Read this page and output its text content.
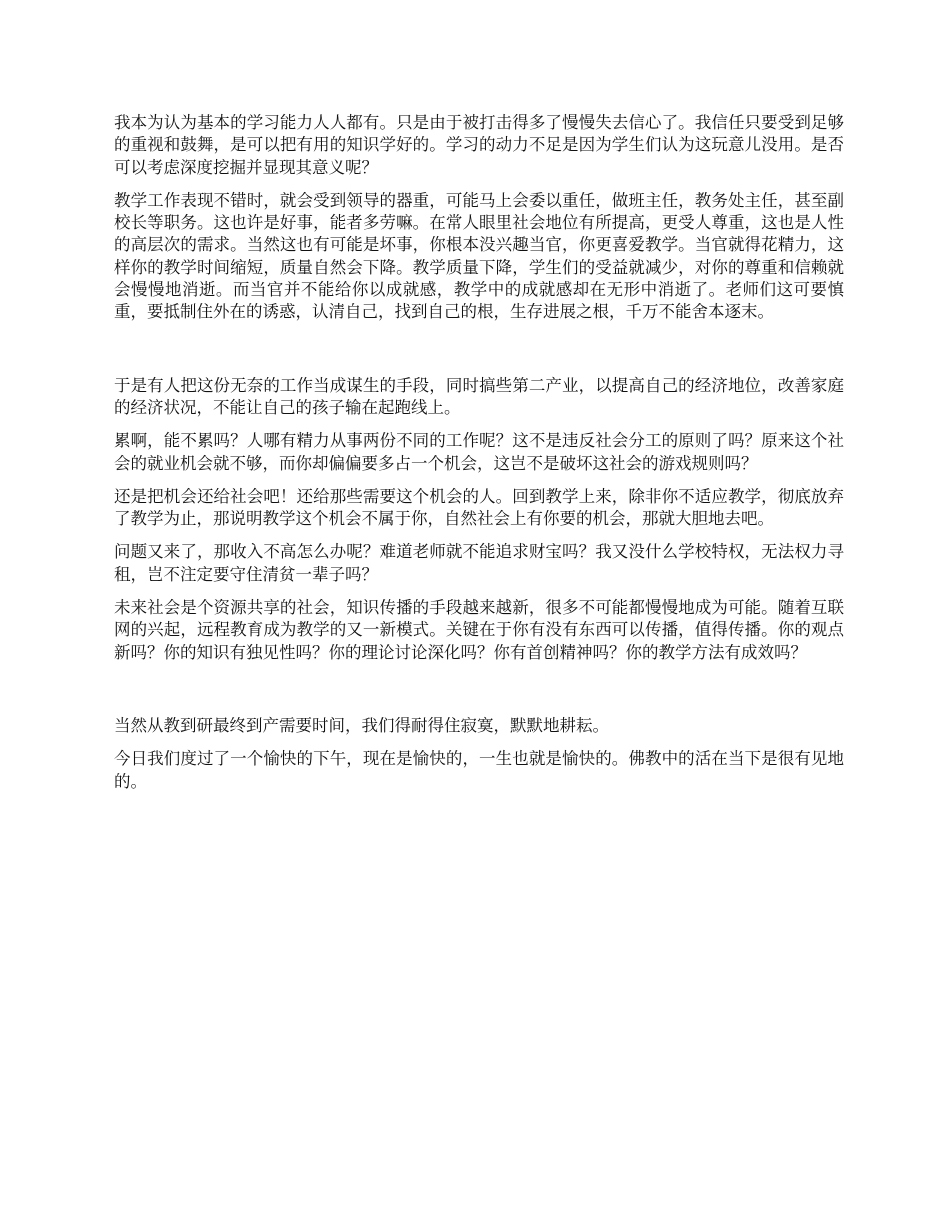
我本为认为基本的学习能力人人都有。只是由于被打击得多了慢慢失去信心了。我信任只要受到足够的重视和鼓舞，是可以把有用的知识学好的。学习的动力不足是因为学生们认为这玩意儿没用。是否可以考虑深度挖掘并显现其意义呢？

教学工作表现不错时，就会受到领导的器重，可能马上会委以重任，做班主任，教务处主任，甚至副校长等职务。这也许是好事，能者多劳嘛。在常人眼里社会地位有所提高，更受人尊重，这也是人性的高层次的需求。当然这也有可能是坏事，你根本没兴趣当官，你更喜爱教学。当官就得花精力，这样你的教学时间缩短，质量自然会下降。教学质量下降，学生们的受益就减少，对你的尊重和信赖就会慢慢地消逝。而当官并不能给你以成就感，教学中的成就感却在无形中消逝了。老师们这可要慎重，要抵制住外在的诱惑，认清自己，找到自己的根，生存进展之根，千万不能舍本逐末。

于是有人把这份无奈的工作当成谋生的手段，同时搞些第二产业，以提高自己的经济地位，改善家庭的经济状况，不能让自己的孩子输在起跑线上。

累啊，能不累吗？人哪有精力从事两份不同的工作呢？这不是违反社会分工的原则了吗？原来这个社会的就业机会就不够，而你却偏偏要多占一个机会，这岂不是破坏这社会的游戏规则吗？

还是把机会还给社会吧！还给那些需要这个机会的人。回到教学上来，除非你不适应教学，彻底放弃了教学为止，那说明教学这个机会不属于你，自然社会上有你要的机会，那就大胆地去吧。

问题又来了，那收入不高怎么办呢？难道老师就不能追求财宝吗？我又没什么学校特权，无法权力寻租，岂不注定要守住清贫一辈子吗？

未来社会是个资源共享的社会，知识传播的手段越来越新，很多不可能都慢慢地成为可能。随着互联网的兴起，远程教育成为教学的又一新模式。关键在于你有没有东西可以传播，值得传播。你的观点新吗？你的知识有独见性吗？你的理论讨论深化吗？你有首创精神吗？你的教学方法有成效吗？

当然从教到研最终到产需要时间，我们得耐得住寂寞，默默地耕耘。

今日我们度过了一个愉快的下午，现在是愉快的，一生也就是愉快的。佛教中的活在当下是很有见地的。
